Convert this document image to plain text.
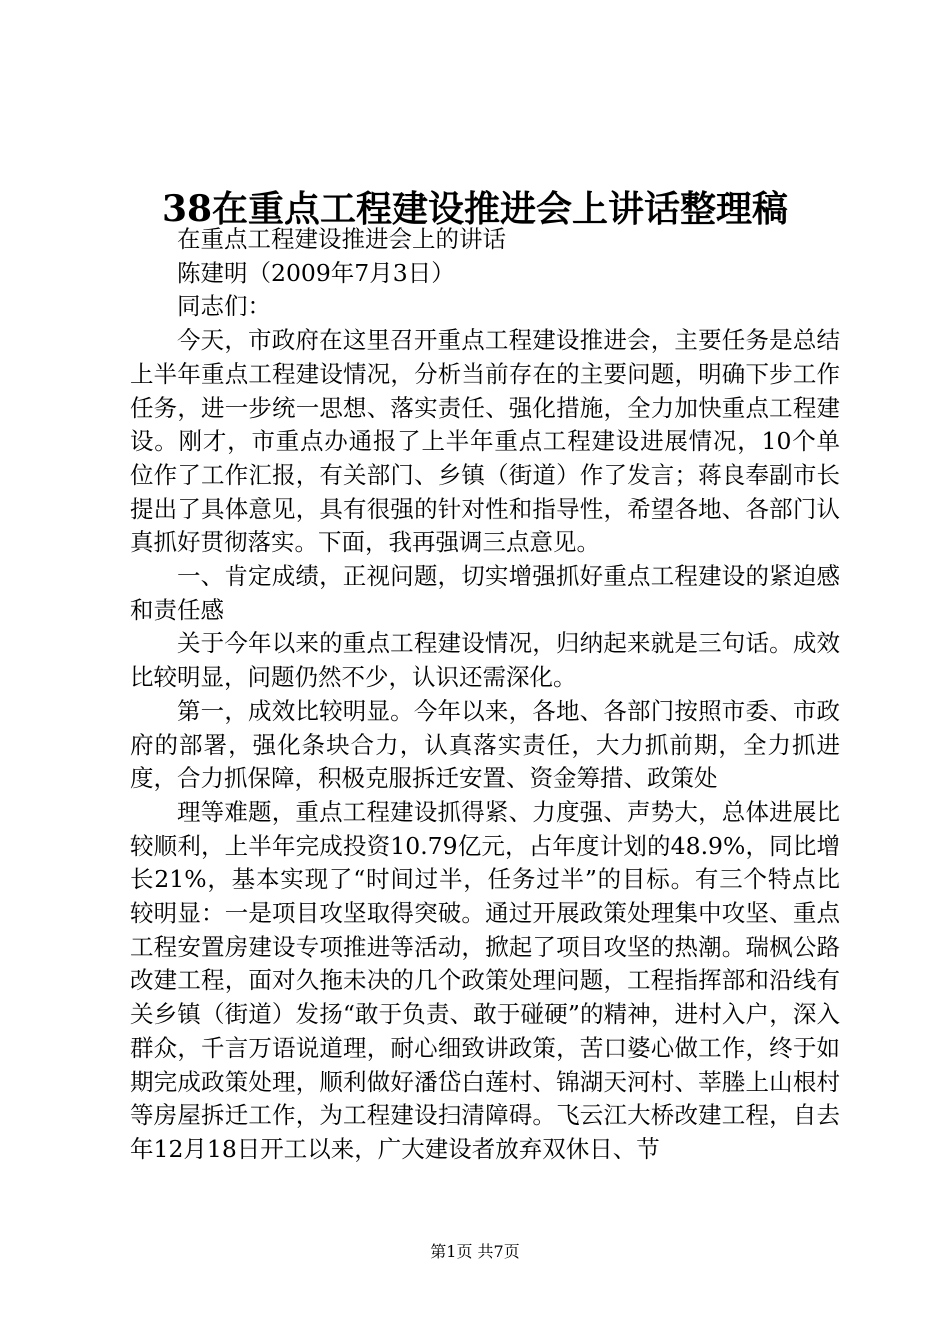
38在重点工程建设推进会上讲话整理稿

在重点工程建设推进会上的讲话

陈建明（2009年7月3日）

同志们：

今天，市政府在这里召开重点工程建设推进会，主要任务是总结上半年重点工程建设情况，分析当前存在的主要问题，明确下步工作任务，进一步统一思想、落实责任、强化措施，全力加快重点工程建设。刚才，市重点办通报了上半年重点工程建设进展情况，10个单位作了工作汇报，有关部门、乡镇（街道）作了发言；蒋良奉副市长提出了具体意见，具有很强的针对性和指导性，希望各地、各部门认真抓好贯彻落实。下面，我再强调三点意见。

一、肯定成绩，正视问题，切实增强抓好重点工程建设的紧迫感和责任感

关于今年以来的重点工程建设情况，归纳起来就是三句话。成效比较明显，问题仍然不少，认识还需深化。

第一，成效比较明显。今年以来，各地、各部门按照市委、市政府的部署，强化条块合力，认真落实责任，大力抓前期，全力抓进度，合力抓保障，积极克服拆迁安置、资金筹措、政策处

理等难题，重点工程建设抓得紧、力度强、声势大，总体进展比较顺利，上半年完成投资10.79亿元，占年度计划的48.9%，同比增长21%，基本实现了“时间过半，任务过半”的目标。有三个特点比较明显：一是项目攻坚取得突破。通过开展政策处理集中攻坚、重点工程安置房建设专项推进等活动，掀起了项目攻坚的热潮。瑞枫公路改建工程，面对久拖未决的几个政策处理问题，工程指挥部和沿线有关乡镇（街道）发扬“敢于负责、敢于碰硬”的精神，进村入户，深入群众，千言万语说道理，耐心细致讲政策，苦口婆心做工作，终于如期完成政策处理，顺利做好潘岱白莲村、锦湖天河村、莘塍上山根村等房屋拆迁工作，为工程建设扫清障碍。飞云江大桥改建工程，自去年12月18日开工以来，广大建设者放弃双休日、节

第1页 共7页
